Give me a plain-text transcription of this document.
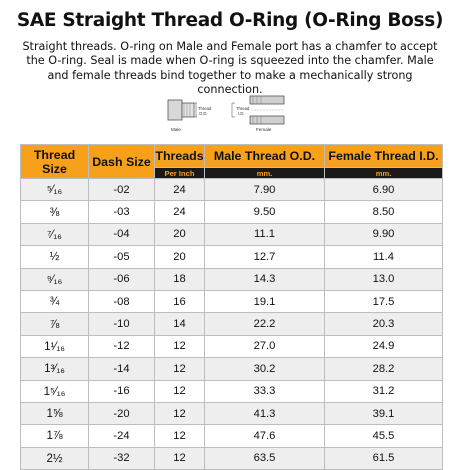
SAE Straight Thread O-Ring (O-Ring Boss)
Straight threads. O-ring on Male and Female port has a chamfer to accept the O-ring. Seal is made when O-ring is squeezed into the chamfer. Male and female threads bind together to make a mechanically strong connection.
Thread
O.D.
Male
Thread
I.D.
Female
Thread Size	Dash Size	Threads	Male Thread O.D.	Female Thread I.D.
		Per Inch	mm.	mm.
⁵⁄₁₆	-02	24	7.90	6.90
⅜	-03	24	9.50	8.50
⁷⁄₁₆	-04	20	11.1	9.90
½	-05	20	12.7	11.4
⁹⁄₁₆	-06	18	14.3	13.0
¾	-08	16	19.1	17.5
⅞	-10	14	22.2	20.3
1¹⁄₁₆	-12	12	27.0	24.9
1³⁄₁₆	-14	12	30.2	28.2
1⁵⁄₁₆	-16	12	33.3	31.2
1⅝	-20	12	41.3	39.1
1⅞	-24	12	47.6	45.5
2½	-32	12	63.5	61.5
